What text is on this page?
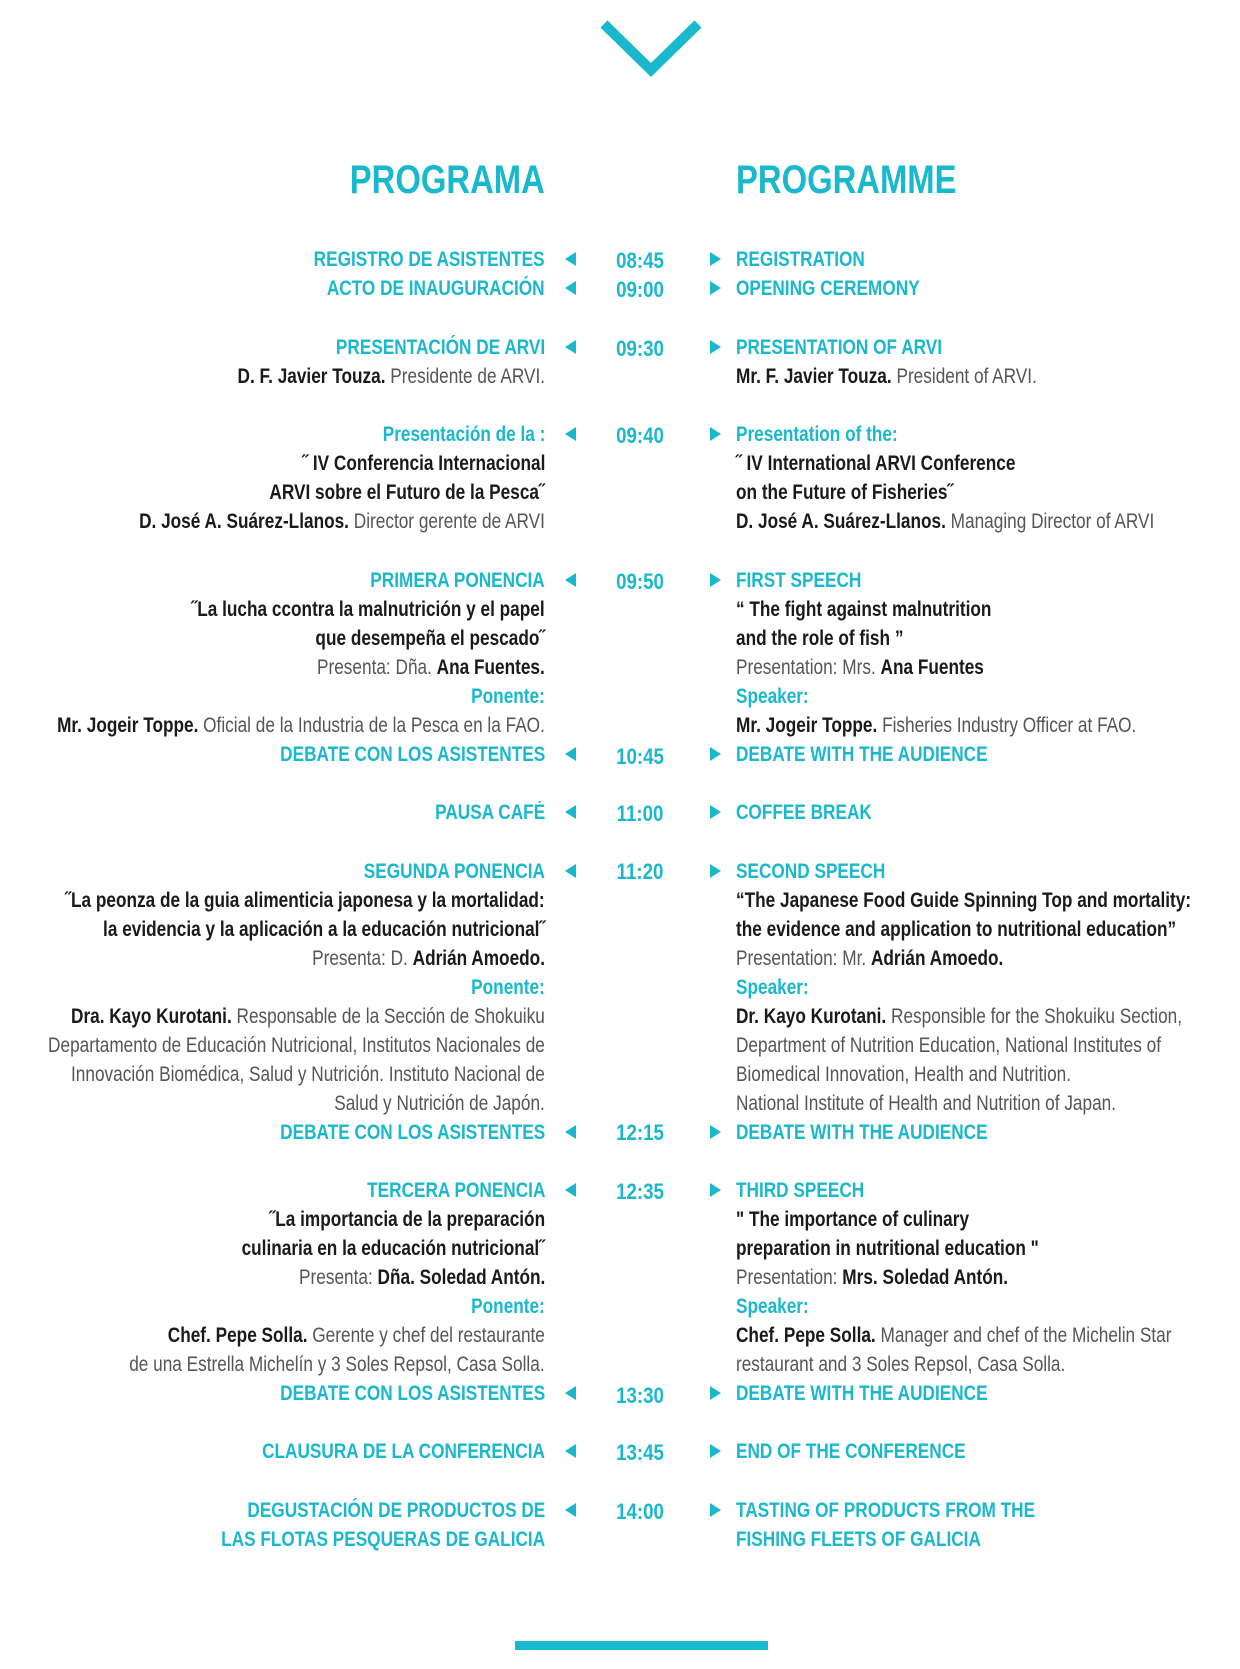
PROGRAMA	PROGRAMME
REGISTRO DE ASISTENTES
ACTO DE INAUGURACIÓN
PRESENTACIÓN DE ARVI
D. F. Javier Touza. Presidente de ARVI.
Presentación de la :
˝ IV Conferencia Internacional
ARVI sobre el Futuro de la Pesca˝
D. José A. Suárez-Llanos. Director gerente de ARVI
PRIMERA PONENCIA
˝La lucha ccontra la malnutrición y el papel
que desempeña el pescado˝
Presenta: Dña. Ana Fuentes.
Ponente:
Mr. Jogeir Toppe. Oficial de la Industria de la Pesca en la FAO.
DEBATE CON LOS ASISTENTES
PAUSA CAFÉ
SEGUNDA PONENCIA
˝La peonza de la guia alimenticia japonesa y la mortalidad:
la evidencia y la aplicación a la educación nutricional˝
Presenta: D. Adrián Amoedo.
Ponente:
Dra. Kayo Kurotani. Responsable de la Sección de Shokuiku
Departamento de Educación Nutricional, Institutos Nacionales de
Innovación Biomédica, Salud y Nutrición. Instituto Nacional de
Salud y Nutrición de Japón.
DEBATE CON LOS ASISTENTES
TERCERA PONENCIA
˝La importancia de la preparación
culinaria en la educación nutricional˝
Presenta: Dña. Soledad Antón.
Ponente:
Chef. Pepe Solla. Gerente y chef del restaurante
de una Estrella Michelín y 3 Soles Repsol, Casa Solla.
DEBATE CON LOS ASISTENTES
CLAUSURA DE LA CONFERENCIA
DEGUSTACIÓN DE PRODUCTOS DE
LAS FLOTAS PESQUERAS DE GALICIA
08:45
09:00
09:30
09:40
09:50
10:45
11:00
11:20
12:15
12:35
13:30
13:45
14:00
REGISTRATION
OPENING CEREMONY
PRESENTATION OF ARVI
Mr. F. Javier Touza. President of ARVI.
Presentation of the:
˝ IV International ARVI Conference
on the Future of Fisheries˝
D. José A. Suárez-Llanos. Managing Director of ARVI
FIRST SPEECH
“ The fight against malnutrition
and the role of fish ”
Presentation: Mrs. Ana Fuentes
Speaker:
Mr. Jogeir Toppe. Fisheries Industry Officer at FAO.
DEBATE WITH THE AUDIENCE
COFFEE BREAK
SECOND SPEECH
“The Japanese Food Guide Spinning Top and mortality:
the evidence and application to nutritional education”
Presentation: Mr. Adrián Amoedo.
Speaker:
Dr. Kayo Kurotani. Responsible for the Shokuiku Section,
Department of Nutrition Education, National Institutes of
Biomedical Innovation, Health and Nutrition.
National Institute of Health and Nutrition of Japan.
DEBATE WITH THE AUDIENCE
THIRD SPEECH
" The importance of culinary
preparation in nutritional education "
Presentation: Mrs. Soledad Antón.
Speaker:
Chef. Pepe Solla. Manager and chef of the Michelin Star
restaurant and 3 Soles Repsol, Casa Solla.
DEBATE WITH THE AUDIENCE
END OF THE CONFERENCE
TASTING OF PRODUCTS FROM THE
FISHING FLEETS OF GALICIA
